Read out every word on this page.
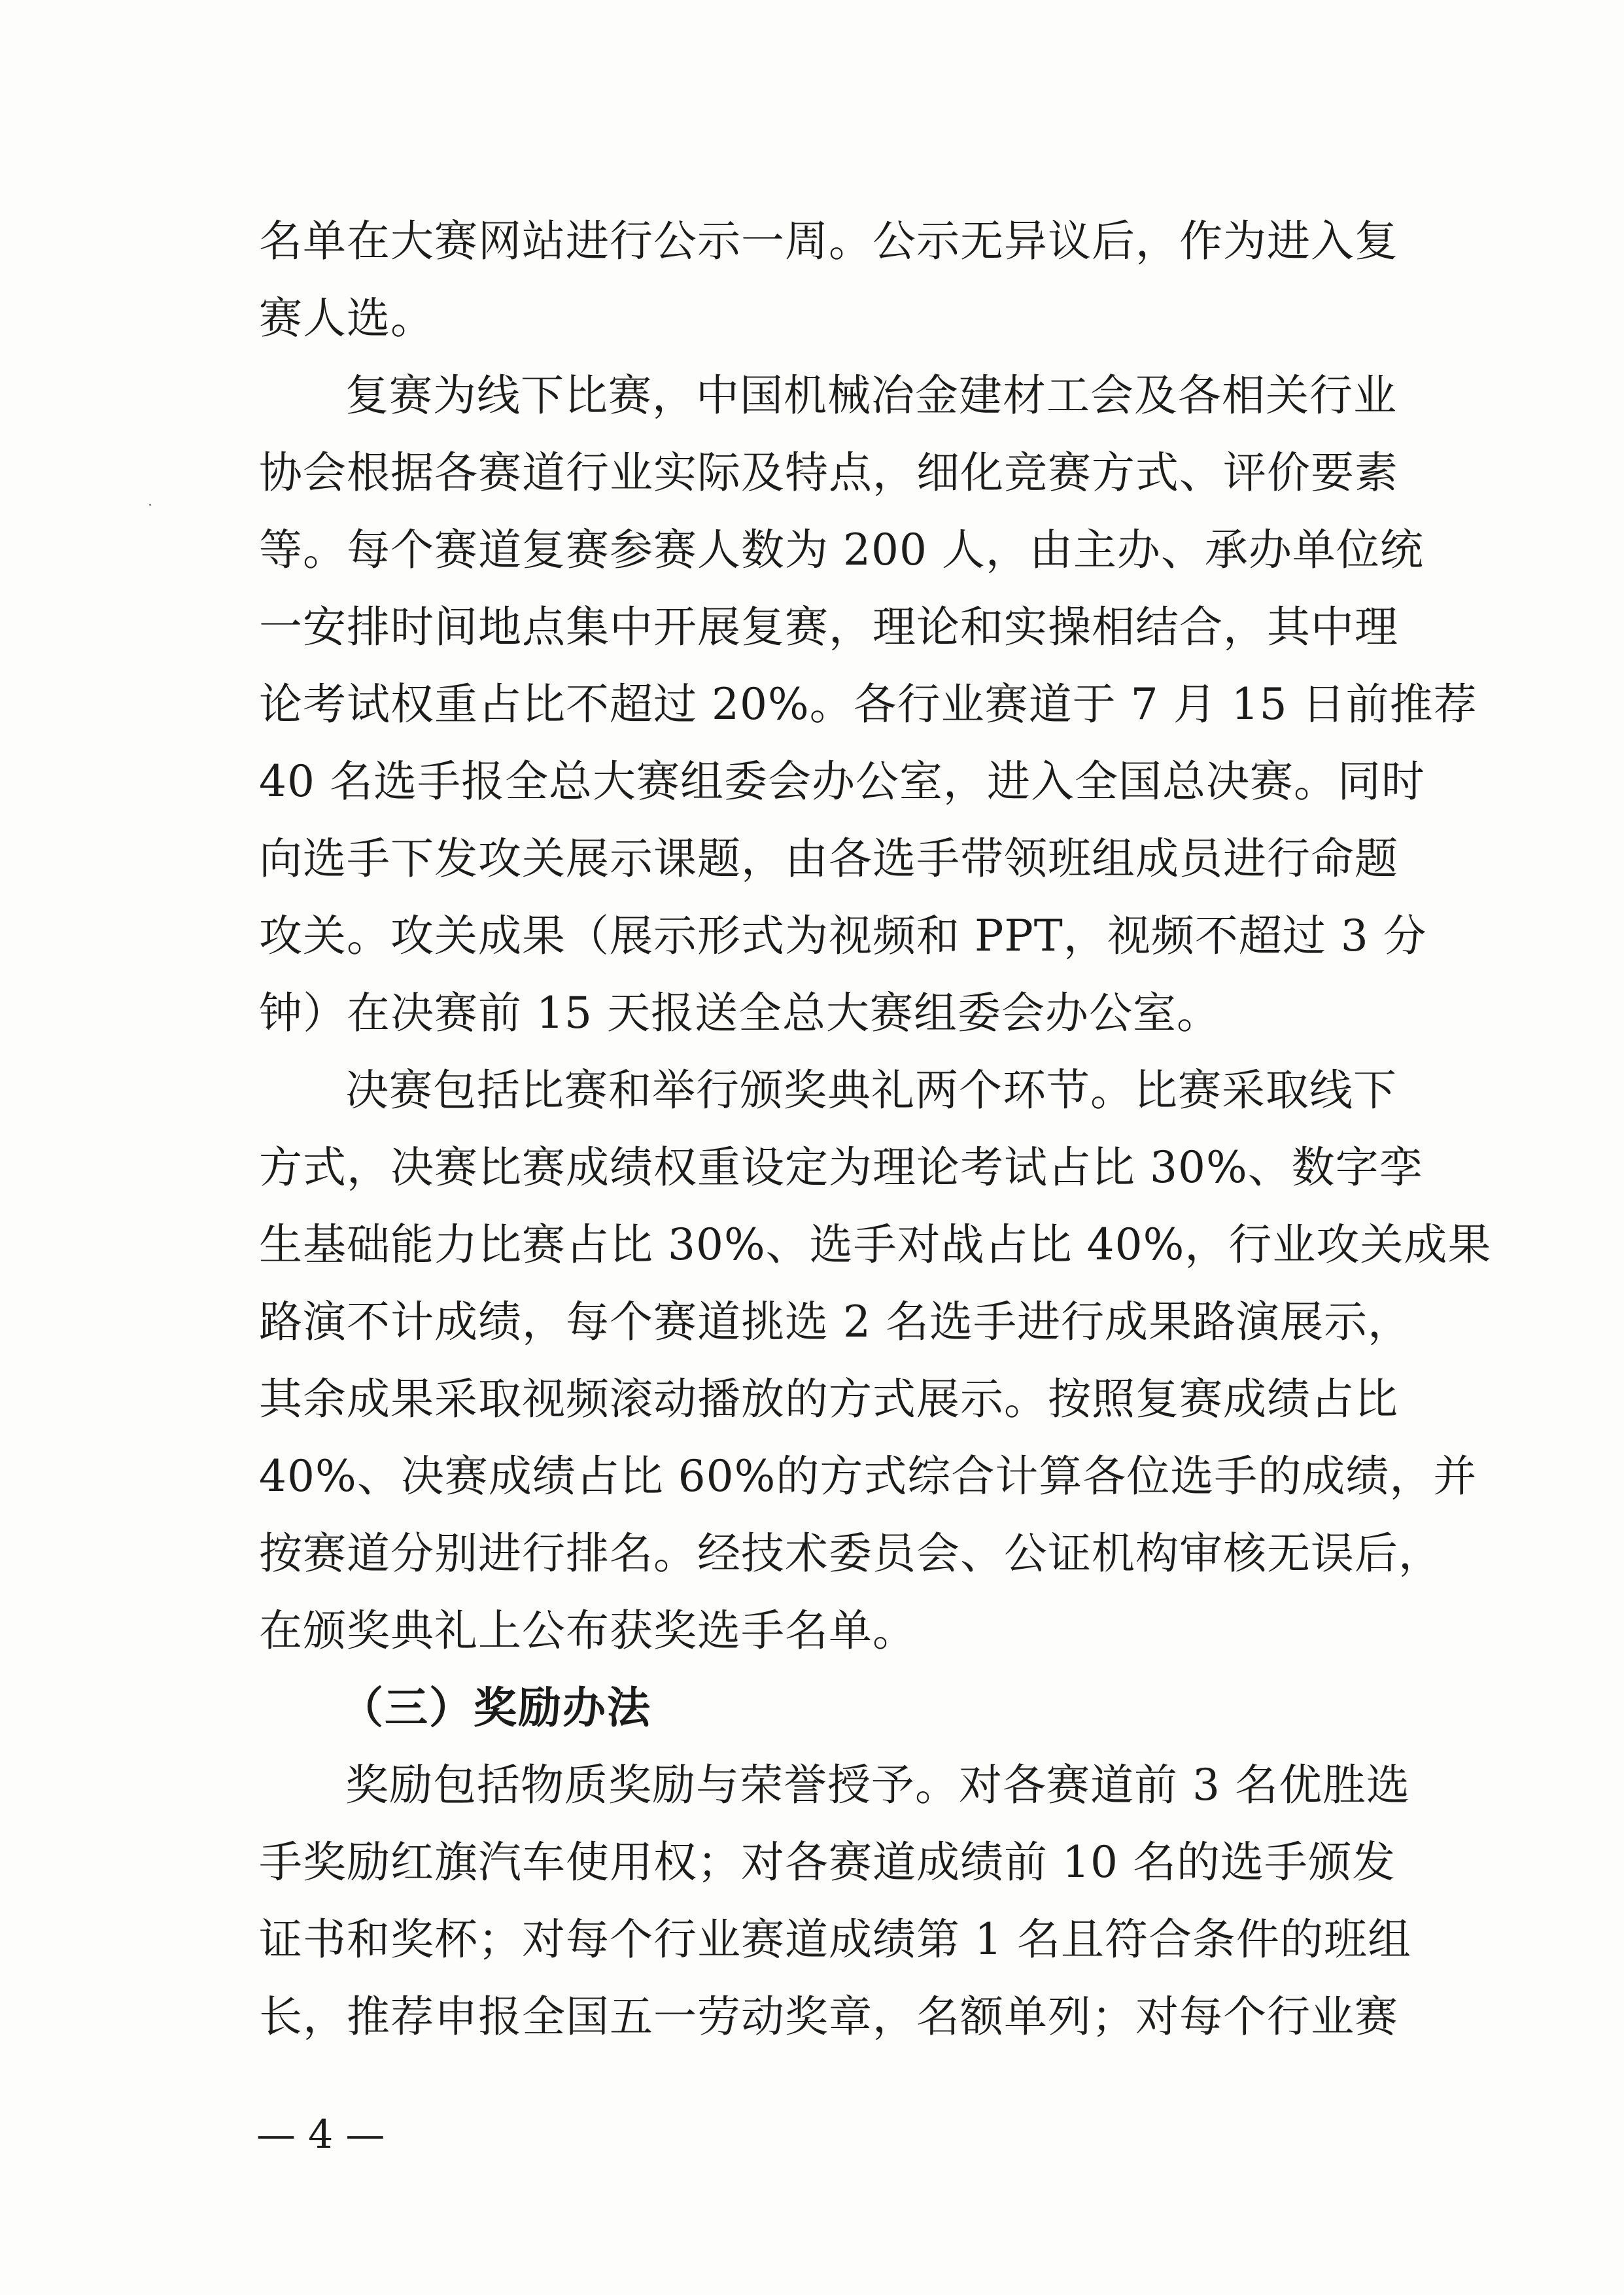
名单在大赛网站进行公示一周。公示无异议后，作为进入复
赛人选。
复赛为线下比赛，中国机械冶金建材工会及各相关行业
协会根据各赛道行业实际及特点，细化竞赛方式、评价要素
等。每个赛道复赛参赛人数为 200 人，由主办、承办单位统
一安排时间地点集中开展复赛，理论和实操相结合，其中理
论考试权重占比不超过 20%。各行业赛道于 7 月 15 日前推荐
40 名选手报全总大赛组委会办公室，进入全国总决赛。同时
向选手下发攻关展示课题，由各选手带领班组成员进行命题
攻关。攻关成果（展示形式为视频和 PPT，视频不超过 3 分
钟）在决赛前 15 天报送全总大赛组委会办公室。
决赛包括比赛和举行颁奖典礼两个环节。比赛采取线下
方式，决赛比赛成绩权重设定为理论考试占比 30%、数字孪
生基础能力比赛占比 30%、选手对战占比 40%，行业攻关成果
路演不计成绩，每个赛道挑选 2 名选手进行成果路演展示，
其余成果采取视频滚动播放的方式展示。按照复赛成绩占比
40%、决赛成绩占比 60%的方式综合计算各位选手的成绩，并
按赛道分别进行排名。经技术委员会、公证机构审核无误后，
在颁奖典礼上公布获奖选手名单。
（三）奖励办法
奖励包括物质奖励与荣誉授予。对各赛道前 3 名优胜选
手奖励红旗汽车使用权；对各赛道成绩前 10 名的选手颁发
证书和奖杯；对每个行业赛道成绩第 1 名且符合条件的班组
长，推荐申报全国五一劳动奖章，名额单列；对每个行业赛
— 4 —
